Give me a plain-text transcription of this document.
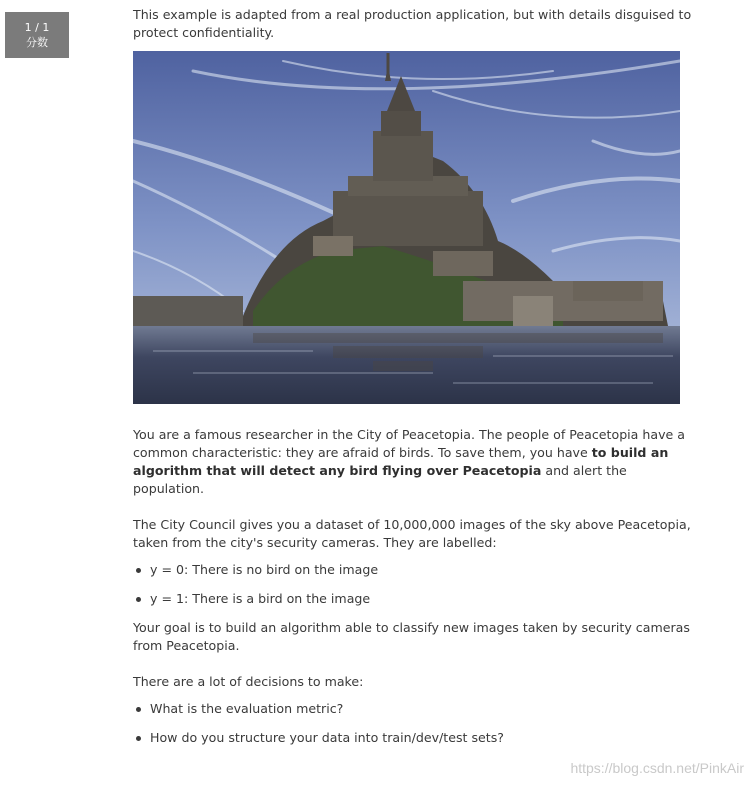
1 / 1
分数

This example is adapted from a real production application, but with details disguised to protect confidentiality.

You are a famous researcher in the City of Peacetopia. The people of Peacetopia have a common characteristic: they are afraid of birds. To save them, you have to build an algorithm that will detect any bird flying over Peacetopia and alert the population.

The City Council gives you a dataset of 10,000,000 images of the sky above Peacetopia, taken from the city's security cameras. They are labelled:

y = 0: There is no bird on the image
y = 1: There is a bird on the image

Your goal is to build an algorithm able to classify new images taken by security cameras from Peacetopia.

There are a lot of decisions to make:

What is the evaluation metric?
How do you structure your data into train/dev/test sets?
https://blog.csdn.net/PinkAir
